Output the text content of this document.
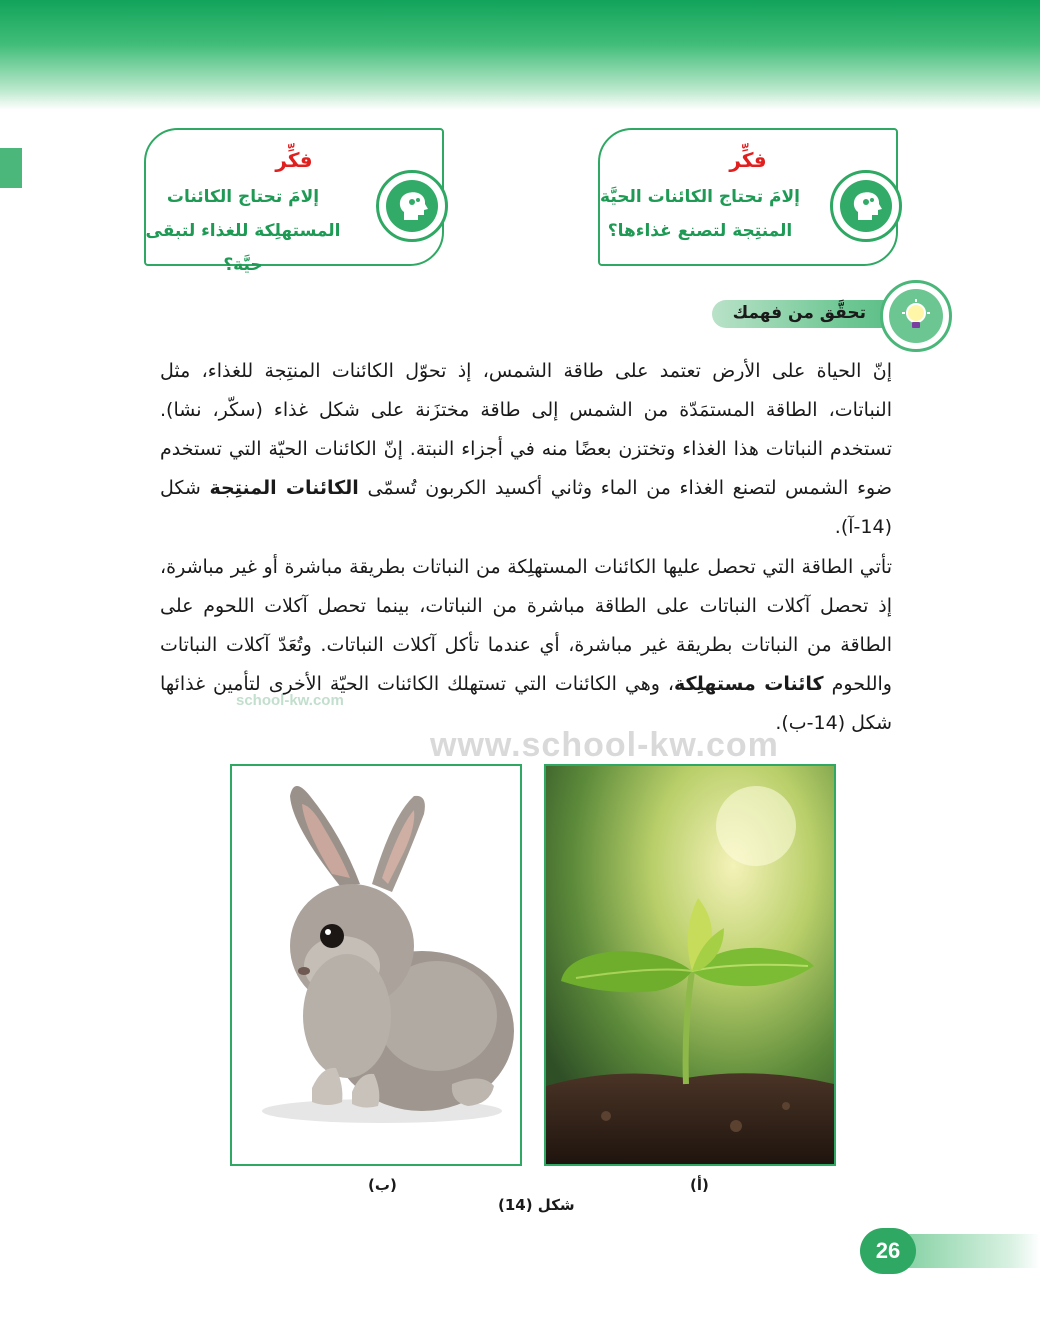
فكِّر
إلامَ تحتاج الكائنات الحيَّة المنتِجة لتصنع غذاءها؟
فكِّر
إلامَ تحتاج الكائنات المستهلِكة للغذاء لتبقى حيَّة؟
تحقَّق من فهمك
إنّ الحياة على الأرض تعتمد على طاقة الشمس، إذ تحوّل الكائنات المنتِجة للغذاء، مثل النباتات، الطاقة المستمَدّة من الشمس إلى طاقة مختزَنة على شكل غذاء (سكّر، نشا). تستخدم النباتات هذا الغذاء وتختزن بعضًا منه في أجزاء النبتة. إنّ الكائنات الحيّة التي تستخدم ضوء الشمس لتصنع الغذاء من الماء وثاني أكسيد الكربون تُسمّى الكائنات المنتِجة شكل (14-آ).
تأتي الطاقة التي تحصل عليها الكائنات المستهلِكة من النباتات بطريقة مباشرة أو غير مباشرة، إذ تحصل آكلات النباتات على الطاقة مباشرة من النباتات، بينما تحصل آكلات اللحوم على الطاقة من النباتات بطريقة غير مباشرة، أي عندما تأكل آكلات النباتات. وتُعَدّ آكلات النباتات واللحوم كائنات مستهلِكة، وهي الكائنات التي تستهلك الكائنات الحيّة الأخرى لتأمين غذائها شكل (14-ب).
school-kw.com
www.school-kw.com
(أ)
(ب)
شكل (14)
26
